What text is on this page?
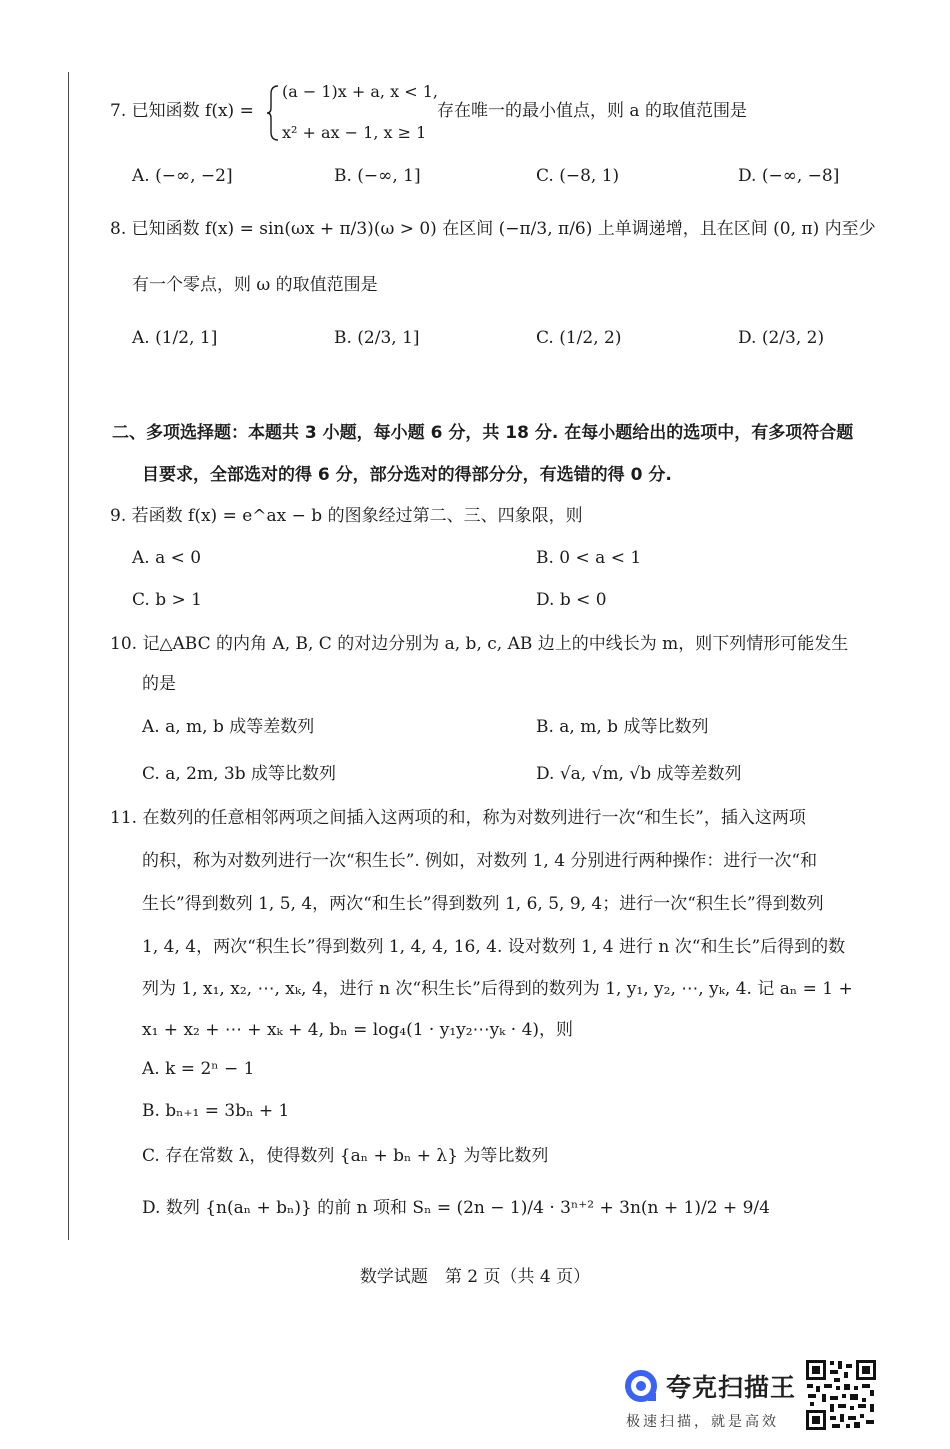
7. 已知函数 f(x) =
(a − 1)x + a, x < 1,
x² + ax − 1, x ≥ 1
存在唯一的最小值点，则 a 的取值范围是
A. (−∞, −2]	B. (−∞, 1]	C. (−8, 1)	D. (−∞, −8]
8. 已知函数 f(x) = sin(ωx + π/3)(ω > 0) 在区间 (−π/3, π/6) 上单调递增，且在区间 (0, π) 内至少
有一个零点，则 ω 的取值范围是
A. (1/2, 1]	B. (2/3, 1]	C. (1/2, 2)	D. (2/3, 2)
二、多项选择题：本题共 3 小题，每小题 6 分，共 18 分. 在每小题给出的选项中，有多项符合题
目要求，全部选对的得 6 分，部分选对的得部分分，有选错的得 0 分.
9. 若函数 f(x) = e^ax − b 的图象经过第二、三、四象限，则
A. a < 0	B. 0 < a < 1
C. b > 1	D. b < 0
10. 记△ABC 的内角 A, B, C 的对边分别为 a, b, c, AB 边上的中线长为 m，则下列情形可能发生
的是
A. a, m, b 成等差数列	B. a, m, b 成等比数列
C. a, 2m, 3b 成等比数列	D. √a, √m, √b 成等差数列
11. 在数列的任意相邻两项之间插入这两项的和，称为对数列进行一次“和生长”，插入这两项
的积，称为对数列进行一次“积生长”. 例如，对数列 1, 4 分别进行两种操作：进行一次“和
生长”得到数列 1, 5, 4，两次“和生长”得到数列 1, 6, 5, 9, 4；进行一次“积生长”得到数列
1, 4, 4，两次“积生长”得到数列 1, 4, 4, 16, 4. 设对数列 1, 4 进行 n 次“和生长”后得到的数
列为 1, x₁, x₂, ⋯, xₖ, 4，进行 n 次“积生长”后得到的数列为 1, y₁, y₂, ⋯, yₖ, 4. 记 aₙ = 1 +
x₁ + x₂ + ⋯ + xₖ + 4, bₙ = log₄(1 · y₁y₂⋯yₖ · 4)，则
A. k = 2ⁿ − 1
B. bₙ₊₁ = 3bₙ + 1
C. 存在常数 λ，使得数列 {aₙ + bₙ + λ} 为等比数列
D. 数列 {n(aₙ + bₙ)} 的前 n 项和 Sₙ = (2n − 1)/4 · 3ⁿ⁺² + 3n(n + 1)/2 + 9/4
数学试题　第 2 页（共 4 页）
夸克扫描王
极速扫描，就是高效
